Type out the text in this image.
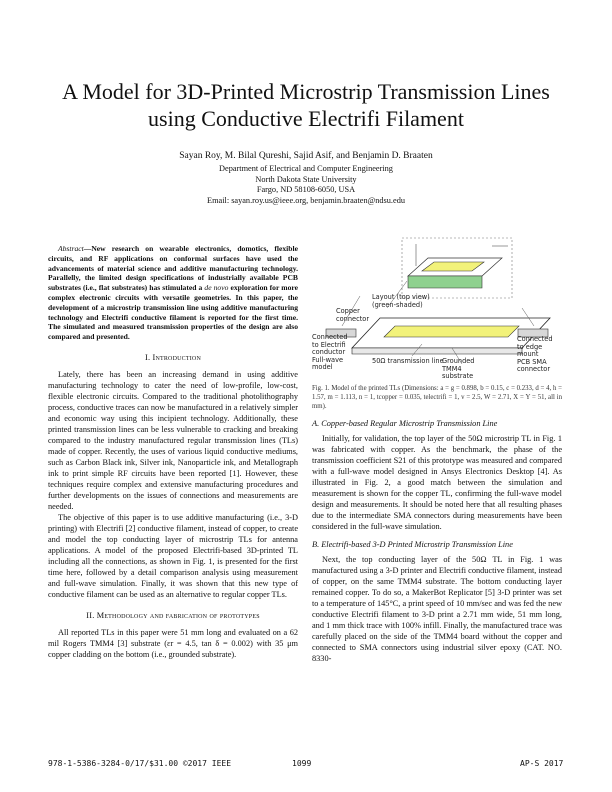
A Model for 3D-Printed Microstrip Transmission Lines using Conductive Electrifi Filament
Sayan Roy, M. Bilal Qureshi, Sajid Asif, and Benjamin D. Braaten
Department of Electrical and Computer Engineering
North Dakota State University
Fargo, ND 58108-6050, USA
Email: sayan.roy.us@ieee.org, benjamin.braaten@ndsu.edu

Abstract—New research on wearable electronics, domotics, flexible circuits, and RF applications on conformal surfaces have used the advancements of material science and additive manufacturing technology. Parallelly, the limited design specifications of industrially available PCB substrates (i.e., flat substrates) has stimulated a de novo exploration for more complex electronic circuits with versatile geometries. In this paper, the development of a microstrip transmission line using additive manufacturing technology and Electrifi conductive filament is reported for the first time. The simulated and measured transmission properties of the design are also compared and presented.

I. Introduction

Lately, there has been an increasing demand in using additive manufacturing technology to cater the need of low-profile, low-cost, flexible electronic circuits. Compared to the traditional photolithography process, conductive traces can now be manufactured in a relatively simpler and economic way using this incipient technology. Additionally, these printed transmission lines can be less vulnerable to cracking and breaking compared to the industry manufactured regular transmission lines (TLs) made of copper. Recently, the uses of various liquid conductive mediums, such as Carbon Black ink, Silver ink, Nanoparticle ink, and Metallograph ink to print simple RF circuits have been reported [1]. However, these techniques require complex and extensive manufacturing procedures and further developments on the issues of connections and measurements are needed.

The objective of this paper is to use additive manufacturing (i.e., 3-D printing) with Electrifi [2] conductive filament, instead of copper, to create and model the top conducting layer of microstrip TLs for antenna applications. A model of the proposed Electrifi-based 3D-printed TL including all the connections, as shown in Fig. 1, is presented for the first time here, followed by a detail comparison analysis using measurement and full-wave simulation. Finally, it was shown that this new type of conductive filament can be used as an alternative to regular copper TLs.

II. Methodology and fabrication of prototypes

All reported TLs in this paper were 51 mm long and evaluated on a 62 mil Rogers TMM4 [3] substrate (εr = 4.5, tan δ = 0.002) with 35 μm copper cladding on the bottom (i.e., grounded substrate).

Layout (top view)
(green-shaded)
Copper
connector
Connected
to Electrifi
conductor
Full-wave
model
50Ω transmission line
Grounded
TMM4
substrate
Connected
to edge
mount
PCB SMA
connector
Fig. 1. Model of the printed TLs (Dimensions: a = g = 0.898, b = 0.15, c = 0.233, d = 4, h = 1.57, m = 1.113, n = 1, tcopper = 0.035, telectrifi = 1, v = 2.5, W = 2.71, X = Y = 51, all in mm).
A. Copper-based Regular Microstrip Transmission Line

Initially, for validation, the top layer of the 50Ω microstrip TL in Fig. 1 was fabricated with copper. As the benchmark, the phase of the transmission coefficient S21 of this prototype was measured and compared with a full-wave model designed in Ansys Electronics Desktop [4]. As illustrated in Fig. 2, a good match between the simulation and measurement is shown for the copper TL, confirming the full-wave model design and measurements. It should be noted here that all resulting phases due to the intermediate SMA connectors during measurements have been considered in the full-wave simulation.

B. Electrifi-based 3-D Printed Microstrip Transmission Line

Next, the top conducting layer of the 50Ω TL in Fig. 1 was manufactured using a 3-D printer and Electrifi conductive filament, instead of copper, on the same TMM4 substrate. The bottom conducting layer remained copper. To do so, a MakerBot Replicator [5] 3-D printer was set to a temperature of 145°C, a print speed of 10 mm/sec and was fed the new conductive Electrifi filament to 3-D print a 2.71 mm wide, 51 mm long, and 1 mm thick trace with 100% infill. Finally, the manufactured trace was carefully placed on the side of the TMM4 board without the copper and connected to SMA connectors using industrial silver epoxy (CAT. NO. 8330-

978-1-5386-3284-0/17/$31.00 ©2017 IEEE	1099	AP-S 2017
